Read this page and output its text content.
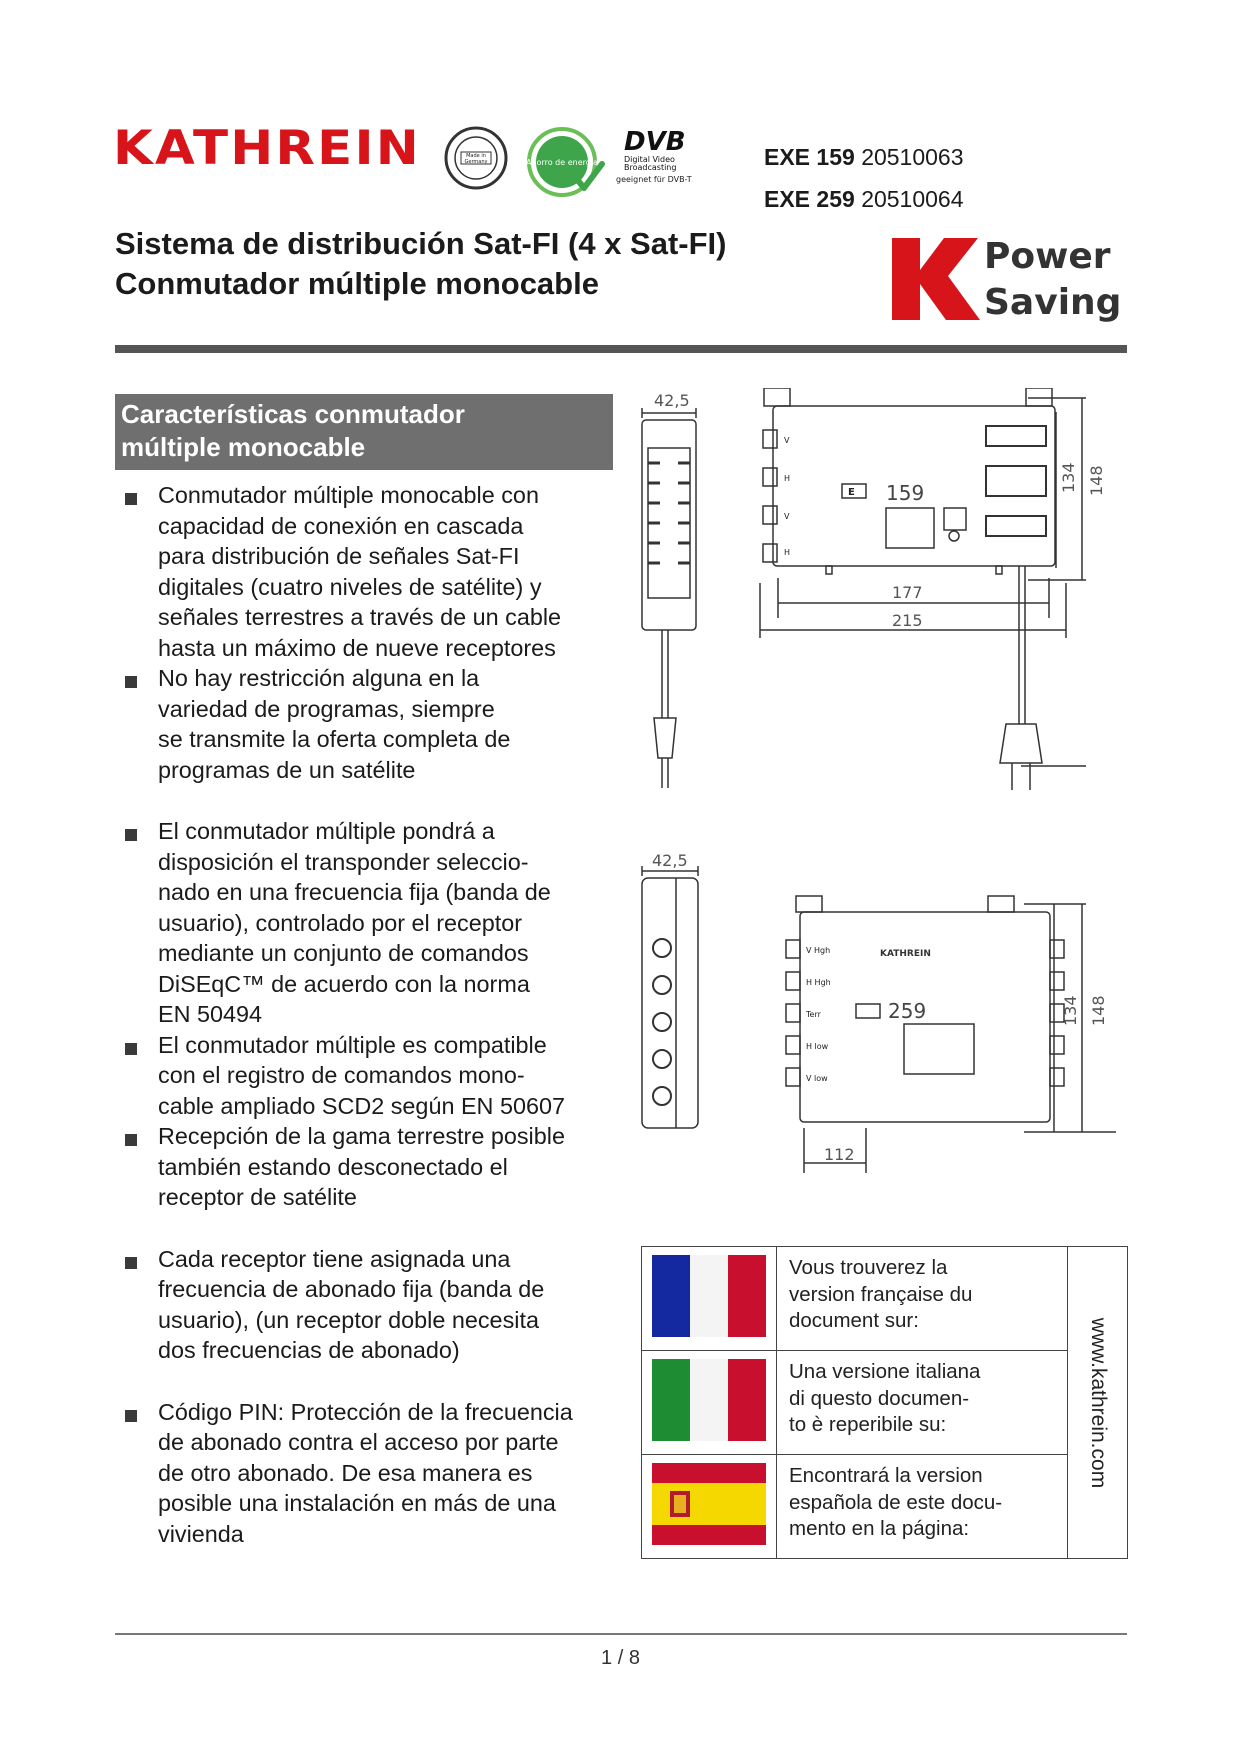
KATHREIN	Made in
Germany	Ahorro de energía
DVB
Digital Video
Broadcasting
geeignet für DVB-T
EXE 159 20510063
EXE 259 20510064
Sistema de distribución Sat-FI (4 x Sat-FI)
Conmutador múltiple monocable
Power
Saving
Características conmutador
múltiple monocable
Conmutador múltiple monocable con
capacidad de conexión en cascada
para distribución de señales Sat-FI
digitales (cuatro niveles de satélite) y
señales terrestres a través de un cable
hasta un máximo de nueve receptores
No hay restricción alguna en la
variedad de programas, siempre
se transmite la oferta completa de
programas de un satélite
El conmutador múltiple pondrá a
disposición el transponder seleccio-
nado en una frecuencia fija (banda de
usuario), controlado por el receptor
mediante un conjunto de comandos
DiSEqC™ de acuerdo con la norma
EN 50494
El conmutador múltiple es compatible
con el registro de comandos mono-
cable ampliado SCD2 según EN 50607
Recepción de la gama terrestre posible
también estando desconectado el
receptor de satélite
Cada receptor tiene asignada una
frecuencia de abonado fija (banda de
usuario), (un receptor doble necesita
dos frecuencias de abonado)
Código PIN: Protección de la frecuencia
de abonado contra el acceso por parte
de otro abonado. De esa manera es
posible una instalación en más de una
vivienda
42,5
V
H
V
H
E 159	134 148
177
215
42,5
KATHREIN
V Hgh
H Hgh
Terr
H low
V low
259	134 148
112

Vous trouverez la
version française du
document sur:	www.kathrein.com

Una versione italiana
di questo documen-
to è reperibile su:	

Encontrará la version
española de este docu-
mento en la página:	
1 / 8
